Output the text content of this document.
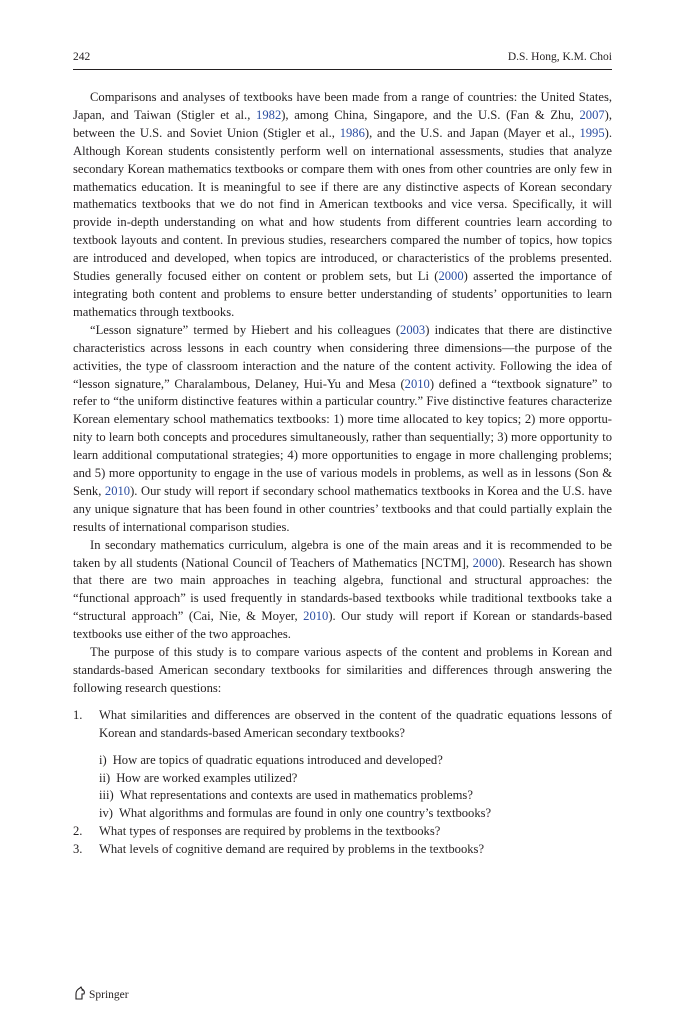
242	D.S. Hong, K.M. Choi

Comparisons and analyses of textbooks have been made from a range of countries: the United States, Japan, and Taiwan (Stigler et al., 1982), among China, Singapore, and the U.S. (Fan & Zhu, 2007), between the U.S. and Soviet Union (Stigler et al., 1986), and the U.S. and Japan (Mayer et al., 1995). Although Korean students consistently perform well on international assessments, studies that analyze secondary Korean mathematics textbooks or compare them with ones from other countries are only few in mathematics education. It is meaningful to see if there are any distinctive aspects of Korean secondary mathematics textbooks that we do not find in American textbooks and vice versa. Specifically, it will provide in-depth understanding on what and how students from different countries learn according to textbook layouts and content. In previous studies, researchers compared the number of topics, how topics are introduced and developed, when topics are introduced, or characteristics of the problems presented. Studies generally focused either on content or problem sets, but Li (2000) asserted the importance of integrating both content and problems to ensure better understanding of students’ opportunities to learn mathematics through textbooks.

“Lesson signature” termed by Hiebert and his colleagues (2003) indicates that there are distinctive characteristics across lessons in each country when considering three dimensions—the purpose of the activities, the type of classroom interaction and the nature of the content activity. Following the idea of “lesson signature,” Charalambous, Delaney, Hui-Yu and Mesa (2010) defined a “textbook signature” to refer to “the uniform distinctive features within a particular country.” Five distinctive features characterize Korean elementary school mathematics textbooks: 1) more time allocated to key topics; 2) more opportunity to learn both concepts and procedures simultaneously, rather than sequentially; 3) more opportunity to learn additional computational strategies; 4) more opportunities to engage in more challenging problems; and 5) more opportunity to engage in the use of various models in problems, as well as in lessons (Son & Senk, 2010). Our study will report if secondary school mathematics textbooks in Korea and the U.S. have any unique signature that has been found in other countries’ textbooks and that could partially explain the results of international comparison studies.

In secondary mathematics curriculum, algebra is one of the main areas and it is recommended to be taken by all students (National Council of Teachers of Mathematics [NCTM], 2000). Research has shown that there are two main approaches in teaching algebra, functional and structural approaches: the “functional approach” is used frequently in standards-based textbooks while traditional textbooks take a “structural approach” (Cai, Nie, & Moyer, 2010). Our study will report if Korean or standards-based textbooks use either of the two approaches.

The purpose of this study is to compare various aspects of the content and problems in Korean and standards-based American secondary textbooks for similarities and differences through answering the following research questions:

1. What similarities and differences are observed in the content of the quadratic equations lessons of Korean and standards-based American secondary textbooks?
i) How are topics of quadratic equations introduced and developed?
ii) How are worked examples utilized?
iii) What representations and contexts are used in mathematics problems?
iv) What algorithms and formulas are found in only one country’s textbooks?
2. What types of responses are required by problems in the textbooks?
3. What levels of cognitive demand are required by problems in the textbooks?
Springer
